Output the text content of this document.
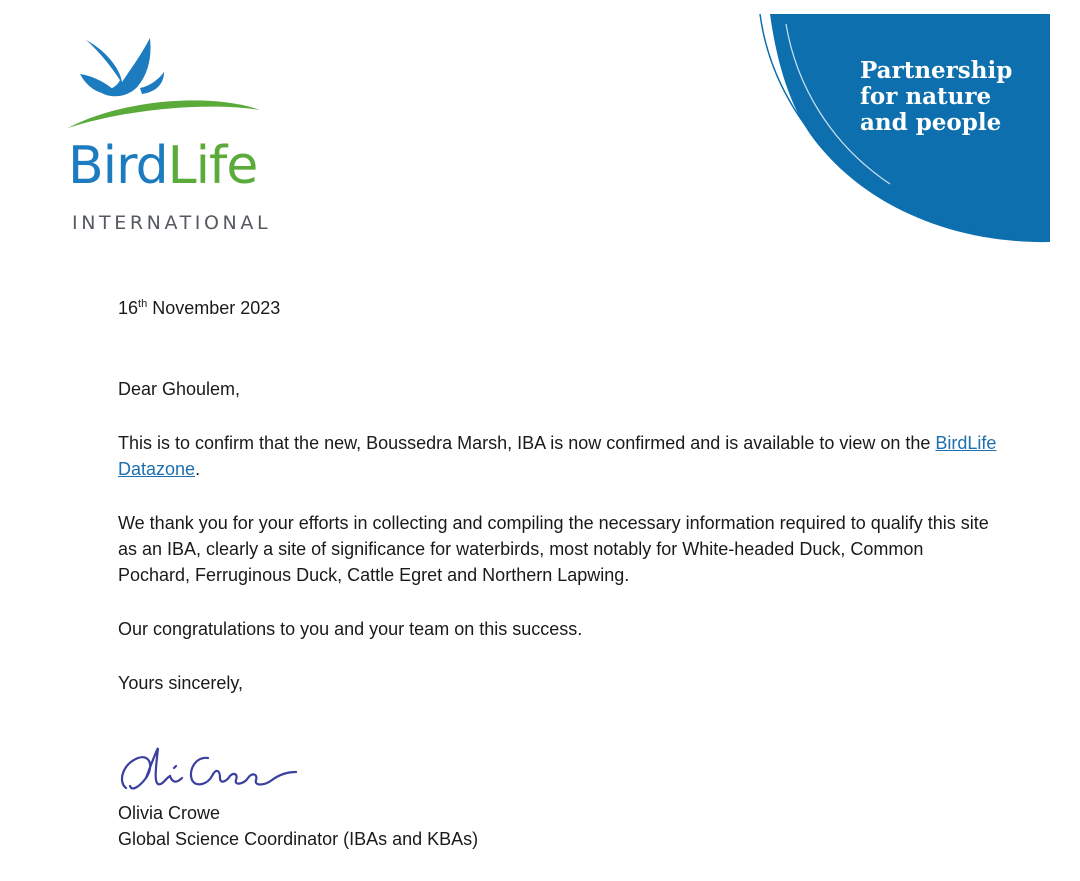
BirdLife
INTERNATIONAL
Partnership
for nature
and people
16th November 2023
Dear Ghoulem,
This is to confirm that the new, Boussedra Marsh, IBA is now confirmed and is available to view on the BirdLife Datazone.
We thank you for your efforts in collecting and compiling the necessary information required to qualify this site as an IBA, clearly a site of significance for waterbirds, most notably for White-headed Duck, Common Pochard, Ferruginous Duck, Cattle Egret and Northern Lapwing.
Our congratulations to you and your team on this success.
Yours sincerely,
Olivia Crowe
Global Science Coordinator (IBAs and KBAs)
